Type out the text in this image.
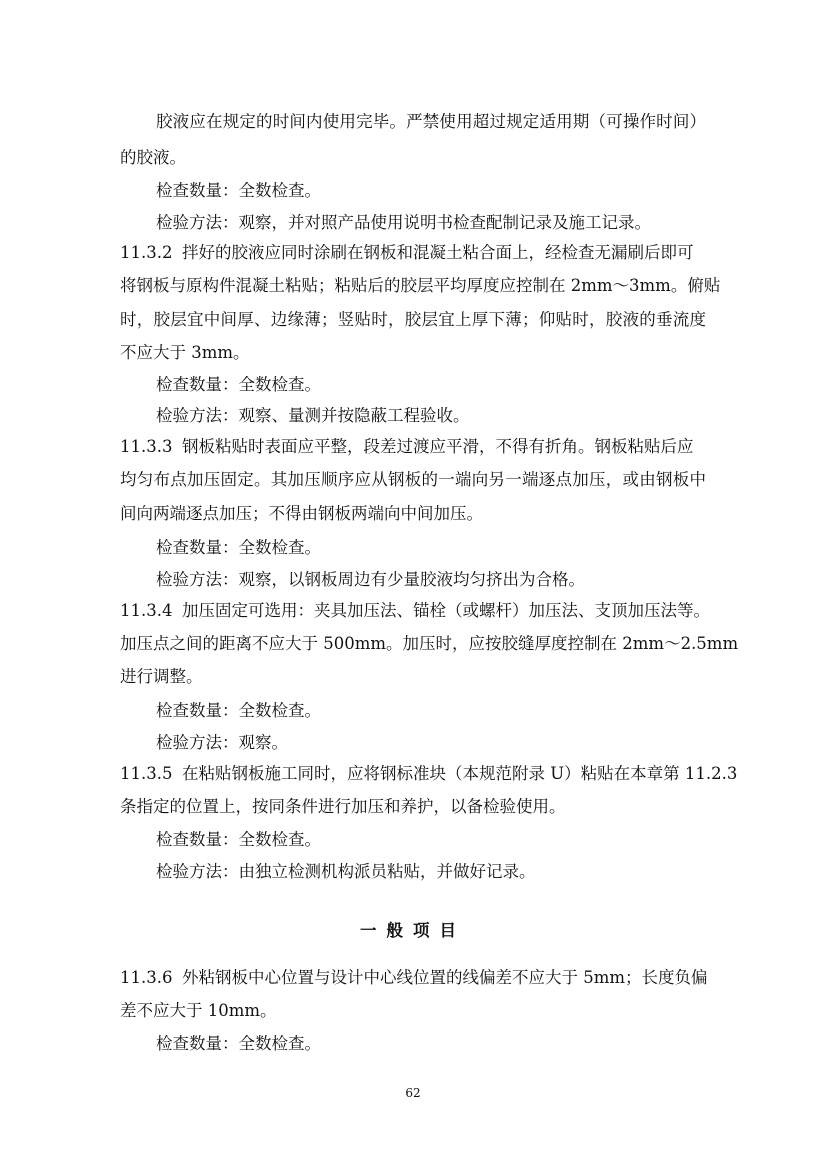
胶液应在规定的时间内使用完毕。严禁使用超过规定适用期（可操作时间）
的胶液。
检查数量：全数检查。
检验方法：观察，并对照产品使用说明书检查配制记录及施工记录。
11.3.2 拌好的胶液应同时涂刷在钢板和混凝土粘合面上，经检查无漏刷后即可
将钢板与原构件混凝土粘贴；粘贴后的胶层平均厚度应控制在 2mm～3mm。俯贴
时，胶层宜中间厚、边缘薄；竖贴时，胶层宜上厚下薄；仰贴时，胶液的垂流度
不应大于 3mm。
检查数量：全数检查。
检验方法：观察、量测并按隐蔽工程验收。
11.3.3 钢板粘贴时表面应平整，段差过渡应平滑，不得有折角。钢板粘贴后应
均匀布点加压固定。其加压顺序应从钢板的一端向另一端逐点加压，或由钢板中
间向两端逐点加压；不得由钢板两端向中间加压。
检查数量：全数检查。
检验方法：观察，以钢板周边有少量胶液均匀挤出为合格。
11.3.4 加压固定可选用：夹具加压法、锚栓（或螺杆）加压法、支顶加压法等。
加压点之间的距离不应大于 500mm。加压时，应按胶缝厚度控制在 2mm～2.5mm
进行调整。
检查数量：全数检查。
检验方法：观察。
11.3.5 在粘贴钢板施工同时，应将钢标准块（本规范附录 U）粘贴在本章第 11.2.3
条指定的位置上，按同条件进行加压和养护，以备检验使用。
检查数量：全数检查。
检验方法：由独立检测机构派员粘贴，并做好记录。
一般项目
11.3.6 外粘钢板中心位置与设计中心线位置的线偏差不应大于 5mm；长度负偏
差不应大于 10mm。
检查数量：全数检查。
62
